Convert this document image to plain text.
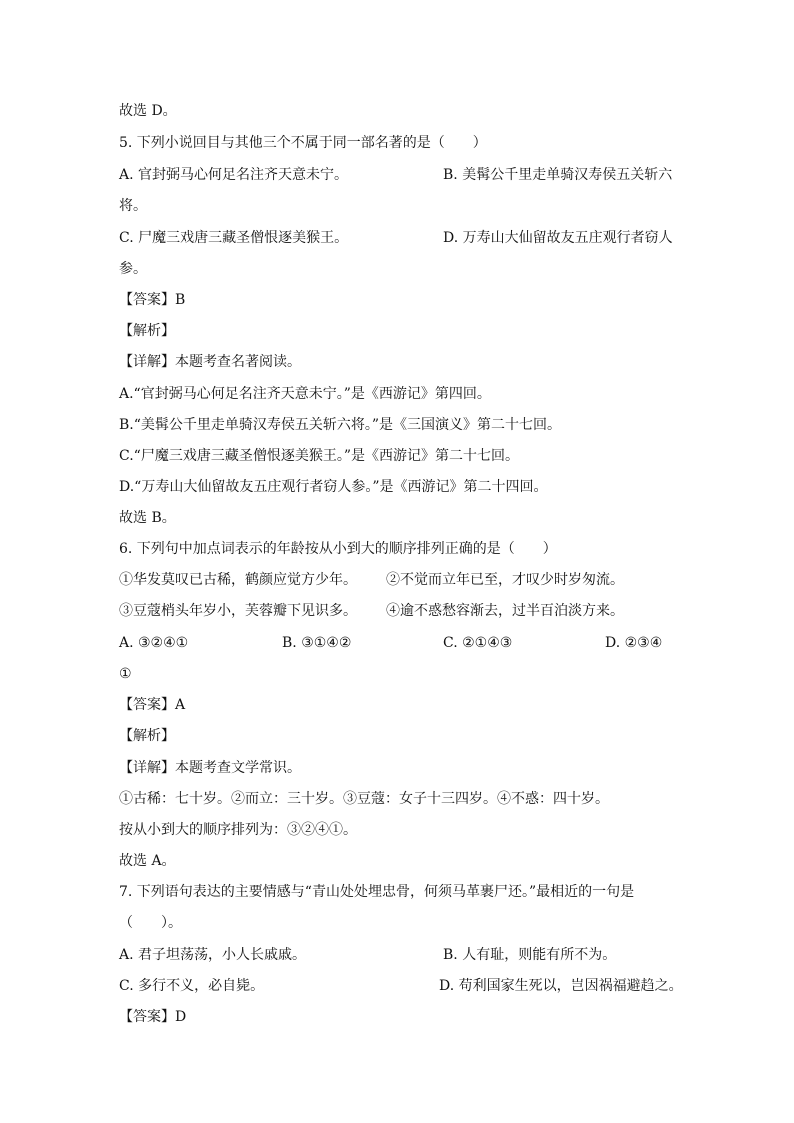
故选 D。
5. 下列小说回目与其他三个不属于同一部名著的是（　　）
A. 官封弼马心何足名注齐天意未宁。	B. 美髯公千里走单骑汉寿侯五关斩六
将。
C. 尸魔三戏唐三藏圣僧恨逐美猴王。	D. 万寿山大仙留故友五庄观行者窃人
参。
【答案】B
【解析】
【详解】本题考查名著阅读。
A.“官封弼马心何足名注齐天意未宁。”是《西游记》第四回。
B.“美髯公千里走单骑汉寿侯五关斩六将。”是《三国演义》第二十七回。
C.“尸魔三戏唐三藏圣僧恨逐美猴王。”是《西游记》第二十七回。
D.“万寿山大仙留故友五庄观行者窃人参。”是《西游记》第二十四回。
故选 B。
6. 下列句中加点词表示的年龄按从小到大的顺序排列正确的是（　　）
①华发莫叹已古稀，鹤颜应觉方少年。 ②不觉而立年已至，才叹少时岁匆流。
③豆蔻梢头年岁小，芙蓉瓣下见识多。 ④逾不惑愁容渐去，过半百泊淡方来。
A. ③②④①	B. ③①④②	C. ②①④③	D. ②③④
①
【答案】A
【解析】
【详解】本题考查文学常识。
①古稀：七十岁。②而立：三十岁。③豆蔻：女子十三四岁。④不惑：四十岁。
按从小到大的顺序排列为：③②④①。
故选 A。
7. 下列语句表达的主要情感与“青山处处埋忠骨，何须马革裹尸还。”最相近的一句是
（　　）。
A. 君子坦荡荡，小人长戚戚。	B. 人有耻，则能有所不为。
C. 多行不义，必自毙。	D. 苟利国家生死以，岂因祸福避趋之。
【答案】D
